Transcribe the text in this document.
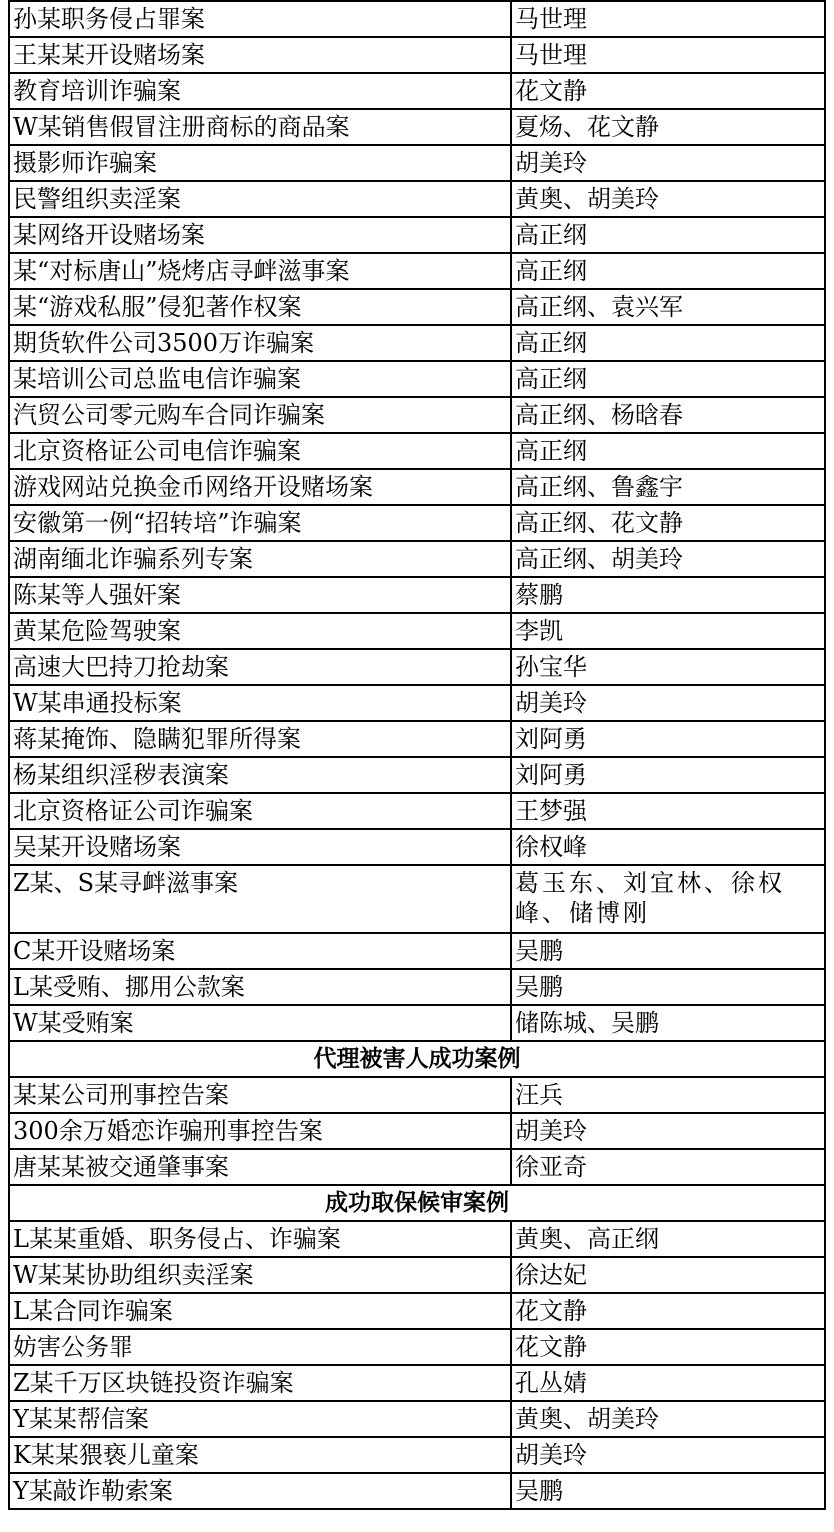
孙某职务侵占罪案	马世理
王某某开设赌场案	马世理
教育培训诈骗案	花文静
W某销售假冒注册商标的商品案	夏炀、花文静
摄影师诈骗案	胡美玲
民警组织卖淫案	黄奥、胡美玲
某网络开设赌场案	高正纲
某“对标唐山”烧烤店寻衅滋事案	高正纲
某“游戏私服”侵犯著作权案	高正纲、袁兴军
期货软件公司3500万诈骗案	高正纲
某培训公司总监电信诈骗案	高正纲
汽贸公司零元购车合同诈骗案	高正纲、杨晗春
北京资格证公司电信诈骗案	高正纲
游戏网站兑换金币网络开设赌场案	高正纲、鲁鑫宇
安徽第一例“招转培”诈骗案	高正纲、花文静
湖南缅北诈骗系列专案	高正纲、胡美玲
陈某等人强奸案	蔡鹏
黄某危险驾驶案	李凯
高速大巴持刀抢劫案	孙宝华
W某串通投标案	胡美玲
蒋某掩饰、隐瞒犯罪所得案	刘阿勇
杨某组织淫秽表演案	刘阿勇
北京资格证公司诈骗案	王梦强
吴某开设赌场案	徐权峰
Z某、S某寻衅滋事案	葛玉东、刘宜林、徐权峰、储博刚
C某开设赌场案	吴鹏
L某受贿、挪用公款案	吴鹏
W某受贿案	储陈城、吴鹏
代理被害人成功案例	
某某公司刑事控告案	汪兵
300余万婚恋诈骗刑事控告案	胡美玲
唐某某被交通肇事案	徐亚奇
成功取保候审案例	
L某某重婚、职务侵占、诈骗案	黄奥、高正纲
W某某协助组织卖淫案	徐达妃
L某合同诈骗案	花文静
妨害公务罪	花文静
Z某千万区块链投资诈骗案	孔丛婧
Y某某帮信案	黄奥、胡美玲
K某某猥亵儿童案	胡美玲
Y某敲诈勒索案	吴鹏
